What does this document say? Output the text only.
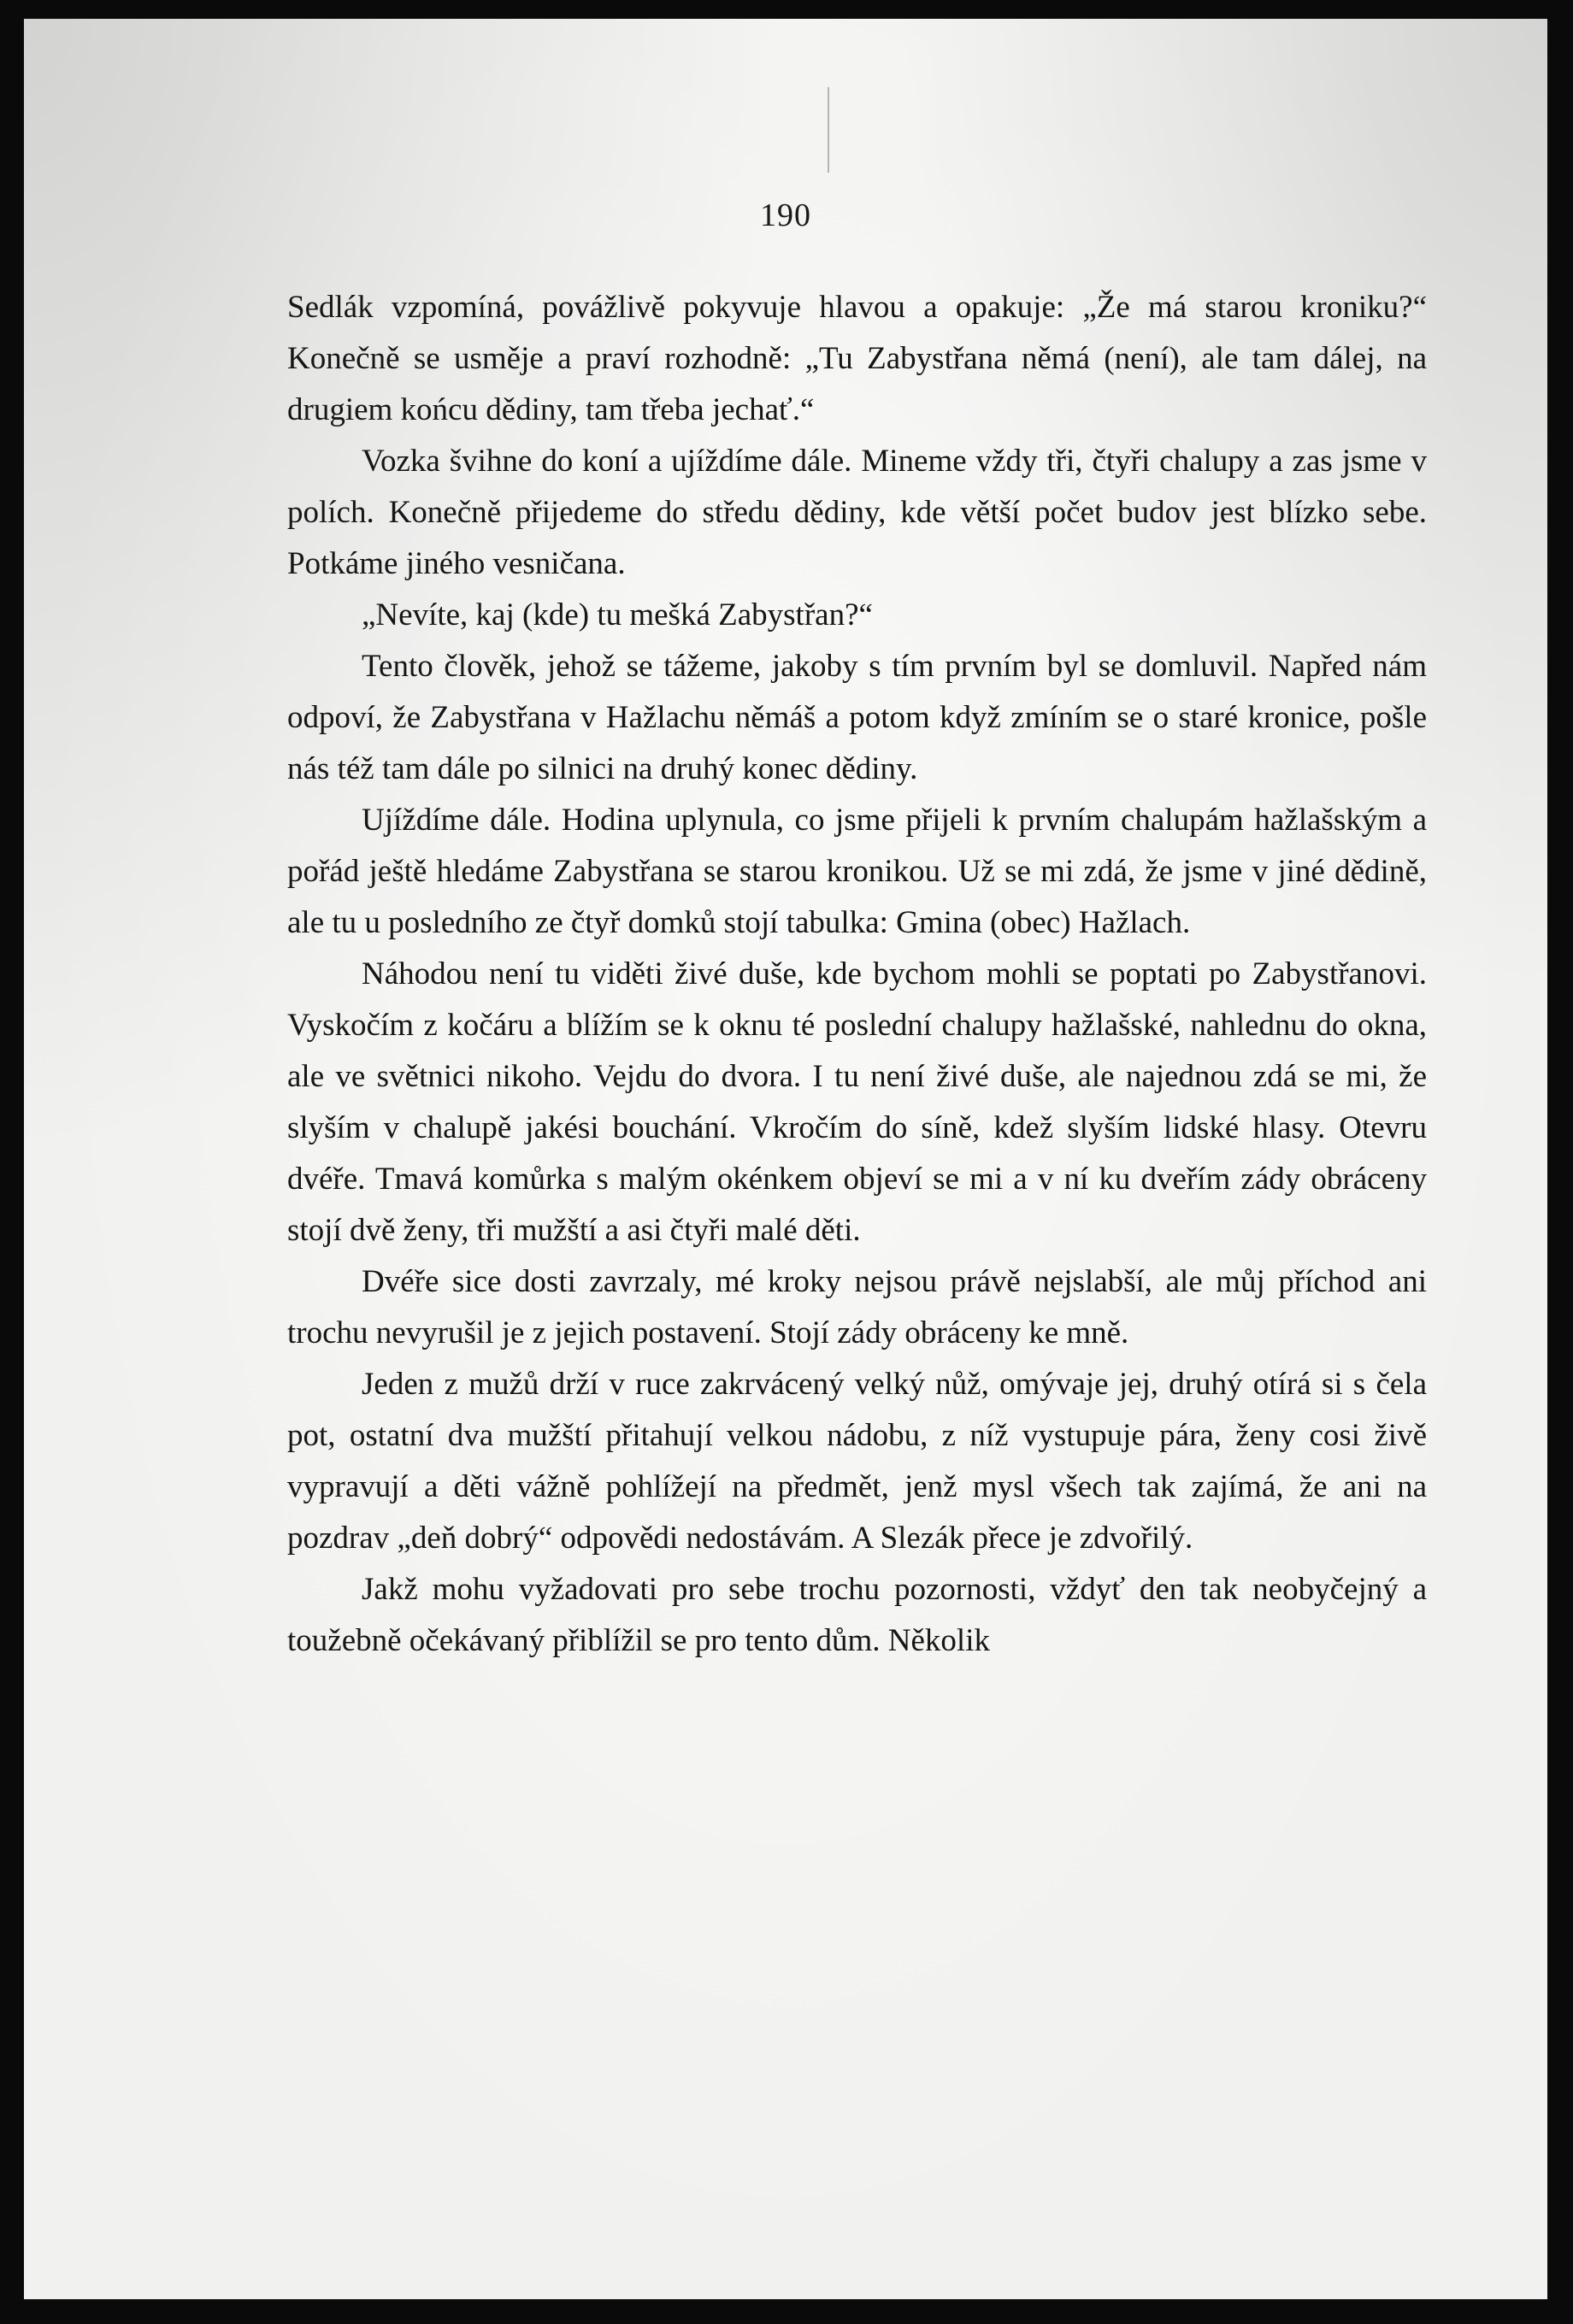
190

Sedlák vzpomíná, povážlivě pokyvuje hlavou a opakuje: „Že má starou kroniku?“ Konečně se usměje a praví rozhodně: „Tu Zabystřana němá (není), ale tam dálej, na drugiem końcu dědiny, tam třeba jechať.“

Vozka švihne do koní a ujíždíme dále. Mineme vždy tři, čtyři chalupy a zas jsme v polích. Konečně přijedeme do středu dědiny, kde větší počet budov jest blízko sebe. Potkáme jiného vesničana.

„Nevíte, kaj (kde) tu mešká Zabystřan?“

Tento člověk, jehož se tážeme, jakoby s tím prvním byl se domluvil. Napřed nám odpoví, že Zabystřana v Hažlachu němáš a potom když zmíním se o staré kronice, pošle nás též tam dále po silnici na druhý konec dědiny.

Ujíždíme dále. Hodina uplynula, co jsme přijeli k prvním chalupám hažlašským a pořád ještě hledáme Zabystřana se starou kronikou. Už se mi zdá, že jsme v jiné dědině, ale tu u posledního ze čtyř domků stojí tabulka: Gmina (obec) Hažlach.

Náhodou není tu viděti živé duše, kde bychom mohli se poptati po Zabystřanovi. Vyskočím z kočáru a blížím se k oknu té poslední chalupy hažlašské, nahlednu do okna, ale ve světnici nikoho. Vejdu do dvora. I tu není živé duše, ale najednou zdá se mi, že slyším v chalupě jakési bouchání. Vkročím do síně, kdež slyším lidské hlasy. Otevru dvéře. Tmavá komůrka s malým okénkem objeví se mi a v ní ku dveřím zády obráceny stojí dvě ženy, tři mužští a asi čtyři malé děti.

Dvéře sice dosti zavrzaly, mé kroky nejsou právě nejslabší, ale můj příchod ani trochu nevyrušil je z jejich postavení. Stojí zády obráceny ke mně.

Jeden z mužů drží v ruce zakrvácený velký nůž, omývaje jej, druhý otírá si s čela pot, ostatní dva mužští přitahují velkou nádobu, z níž vystupuje pára, ženy cosi živě vypravují a děti vážně pohlížejí na předmět, jenž mysl všech tak zajímá, že ani na pozdrav „deň dobrý“ odpovědi nedostávám. A Slezák přece je zdvořilý.

Jakž mohu vyžadovati pro sebe trochu pozornosti, vždyť den tak neobyčejný a toužebně očekávaný přiblížil se pro tento dům. Několik
